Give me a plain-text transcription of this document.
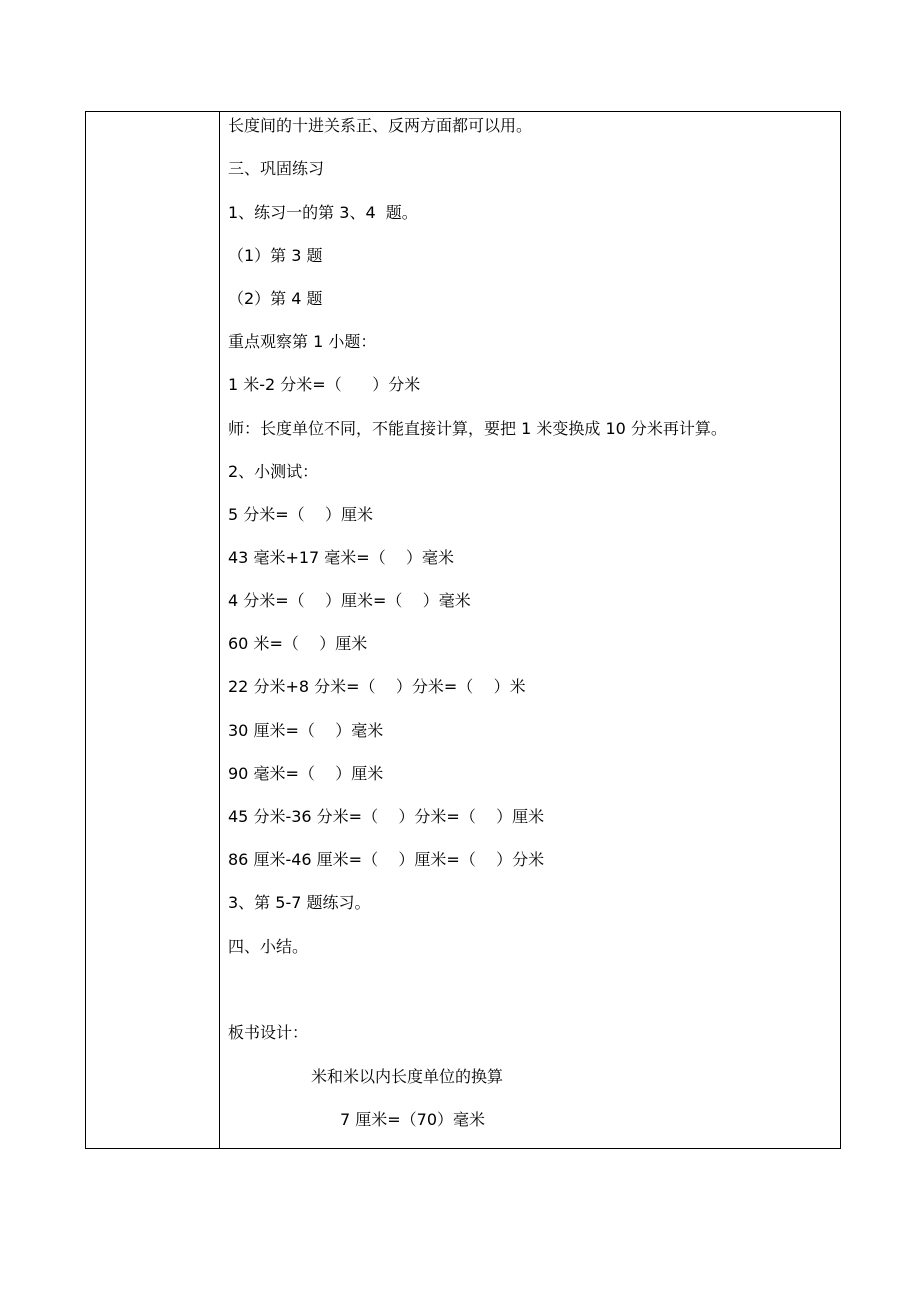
长度间的十进关系正、反两方面都可以用。
三、巩固练习
1、练习一的第 3、4  题。
（1）第 3 题
（2）第 4 题
重点观察第 1 小题：
1 米-2 分米=（      ）分米
师：长度单位不同，不能直接计算，要把 1 米变换成 10 分米再计算。
2、小测试：
5 分米=（    ）厘米
43 毫米+17 毫米=（    ）毫米
4 分米=（    ）厘米=（    ）毫米
60 米=（    ）厘米
22 分米+8 分米=（    ）分米=（    ）米
30 厘米=（    ）毫米
90 毫米=（    ）厘米
45 分米-36 分米=（    ）分米=（    ）厘米
86 厘米-46 厘米=（    ）厘米=（    ）分米
3、第 5-7 题练习。
四、小结。
板书设计：
米和米以内长度单位的换算
7 厘米=（70）毫米
